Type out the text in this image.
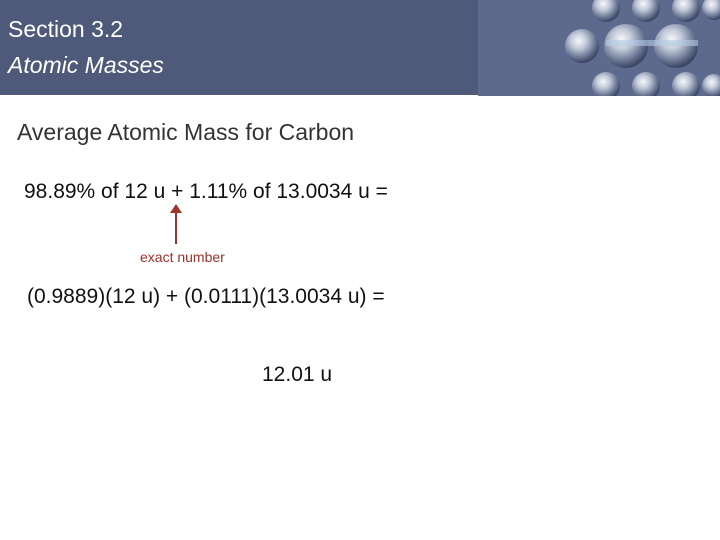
Section 3.2
Atomic Masses
Average Atomic Mass for Carbon
98.89% of 12 u + 1.11% of 13.0034 u =
exact number
(0.9889)(12 u) + (0.0111)(13.0034 u) =
12.01 u
